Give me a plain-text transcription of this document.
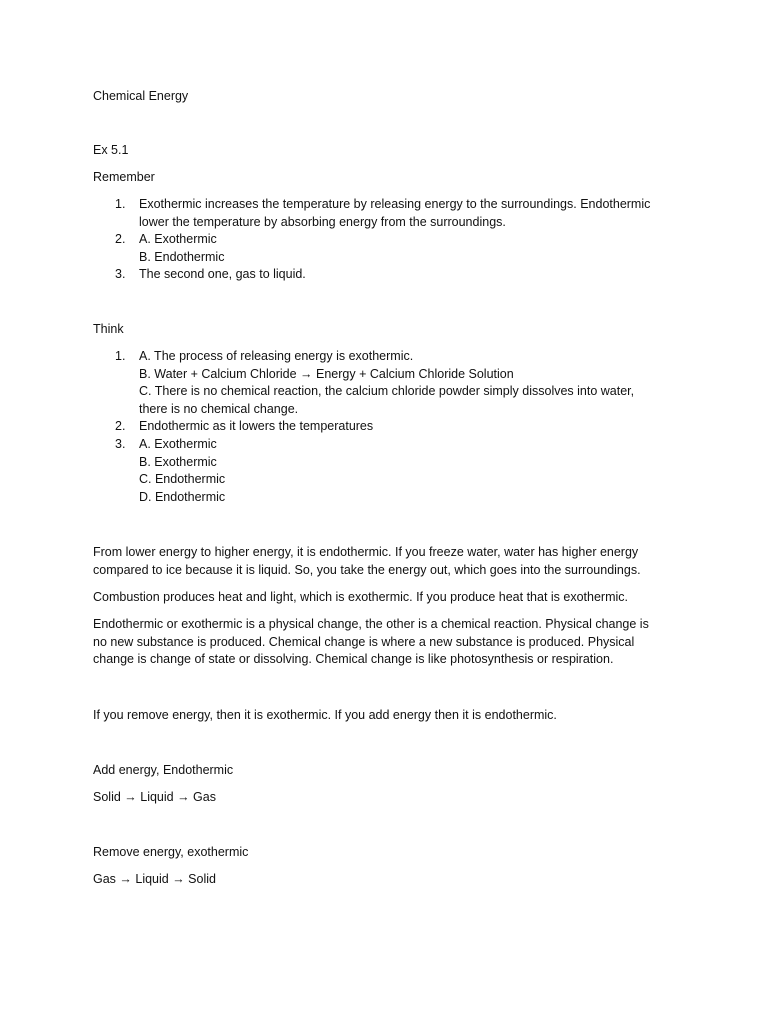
Chemical Energy

Ex 5.1

Remember

1. Exothermic increases the temperature by releasing energy to the surroundings. Endothermic
lower the temperature by absorbing energy from the surroundings.
2. A. Exothermic
B. Endothermic
3. The second one, gas to liquid.

Think

1. A. The process of releasing energy is exothermic.
B. Water + Calcium Chloride → Energy + Calcium Chloride Solution
C. There is no chemical reaction, the calcium chloride powder simply dissolves into water,
there is no chemical change.
2. Endothermic as it lowers the temperatures
3. A. Exothermic
B. Exothermic
C. Endothermic
D. Endothermic

From lower energy to higher energy, it is endothermic. If you freeze water, water has higher energy
compared to ice because it is liquid. So, you take the energy out, which goes into the surroundings.

Combustion produces heat and light, which is exothermic. If you produce heat that is exothermic.

Endothermic or exothermic is a physical change, the other is a chemical reaction. Physical change is
no new substance is produced. Chemical change is where a new substance is produced. Physical
change is change of state or dissolving. Chemical change is like photosynthesis or respiration.

If you remove energy, then it is exothermic. If you add energy then it is endothermic.

Add energy, Endothermic

Solid → Liquid → Gas

Remove energy, exothermic

Gas → Liquid → Solid
